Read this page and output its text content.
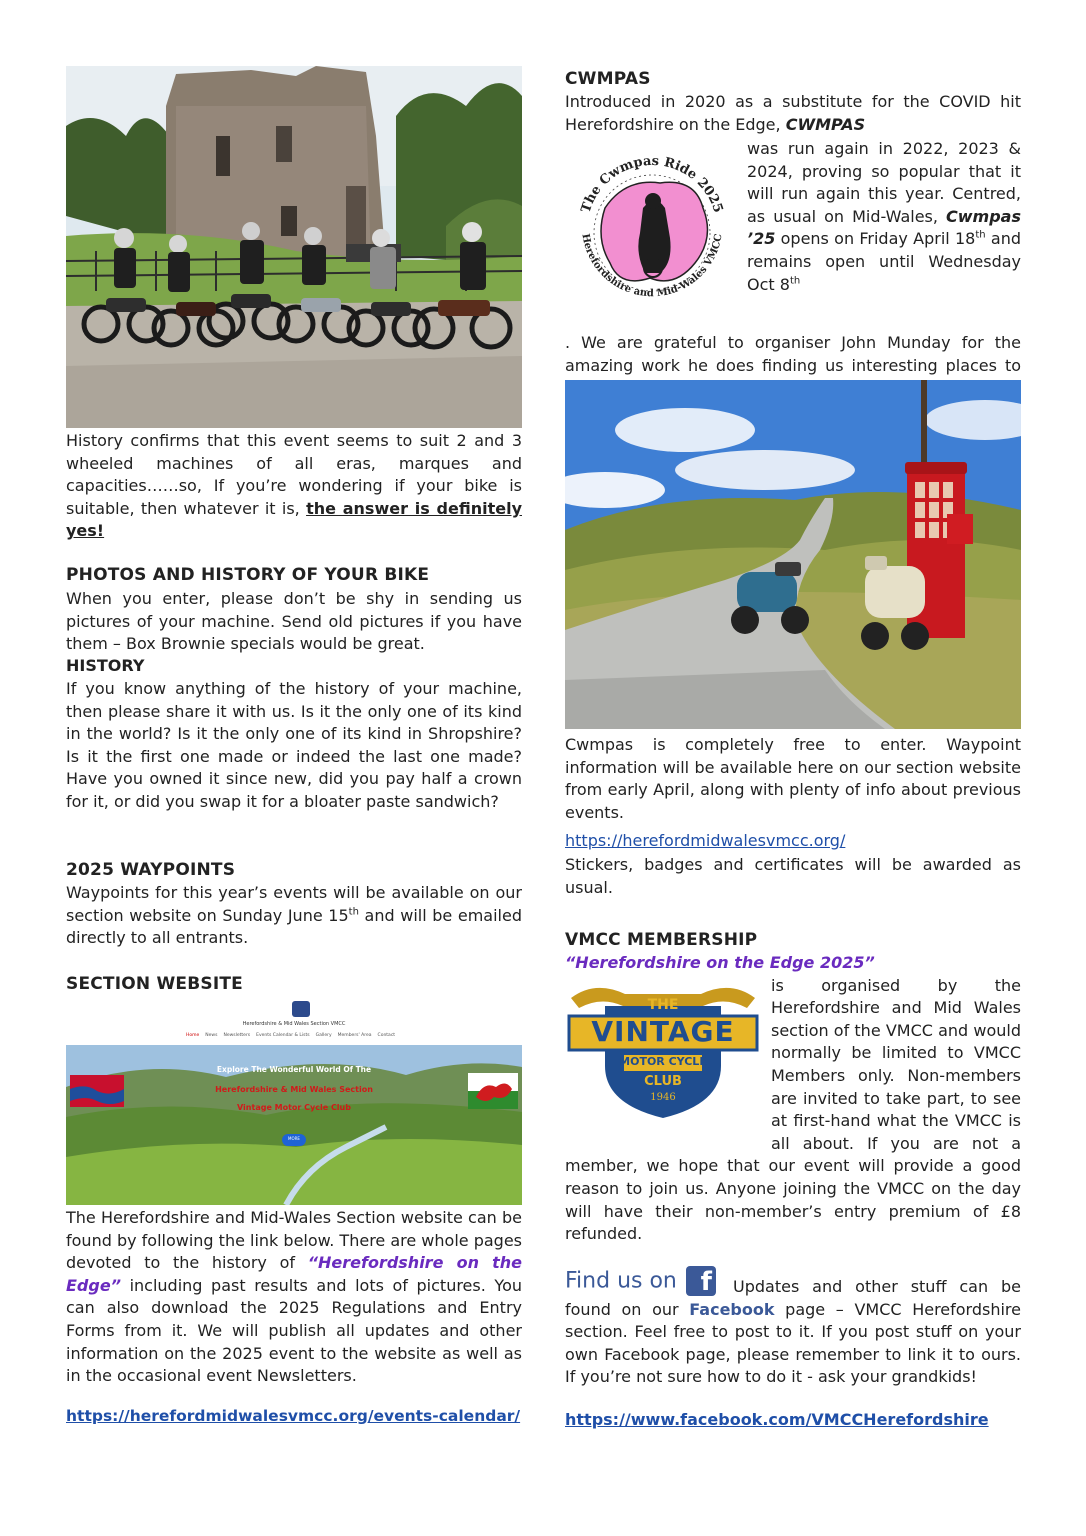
History confirms that this event seems to suit 2 and 3 wheeled machines of all eras, marques and capacities……so, If you’re wondering if your bike is suitable, then whatever it is, the answer is definitely yes!

PHOTOS AND HISTORY OF YOUR BIKE

When you enter, please don’t be shy in sending us pictures of your machine. Send old pictures if you have them – Box Brownie specials would be great.

HISTORY

If you know anything of the history of your machine, then please share it with us. Is it the only one of its kind in the world? Is it the only one of its kind in Shropshire? Is it the first one made or indeed the last one made? Have you owned it since new, did you pay half a crown for it, or did you swap it for a bloater paste sandwich?

2025 WAYPOINTS

Waypoints for this year’s events will be available on our section website on Sunday June 15th and will be emailed directly to all entrants.

SECTION WEBSITE
Herefordshire & Mid Wales Section VMCC
Home News Newsletters Events Calendar & Lists Gallery Members' Area Contact
Explore The Wonderful World Of The
Herefordshire & Mid Wales Section
Vintage Motor Cycle Club
MORE

The Herefordshire and Mid-Wales Section website can be found by following the link below. There are whole pages devoted to the history of “Herefordshire on the Edge” including past results and lots of pictures. You can also download the 2025 Regulations and Entry Forms from it. We will publish all updates and other information on the 2025 event to the website as well as in the occasional event Newsletters.

https://herefordmidwalesvmcc.org/events-calendar/
CWMPAS

Introduced in 2020 as a substitute for the COVID hit Herefordshire on the Edge, CWMPAS

The Cwmpas Ride 2025
Herefordshire and Mid-Wales VMCC

was run again in 2022, 2023 & 2024, proving so popular that it will run again this year. Centred, as usual on Mid-Wales, Cwmpas ’25 opens on Friday April 18th and remains open until Wednesday Oct 8th

. We are grateful to organiser John Munday for the amazing work he does finding us interesting places to

Cwmpas is completely free to enter. Waypoint information will be available here on our section website from early April, along with plenty of info about previous events.

https://herefordmidwalesvmcc.org/

Stickers, badges and certificates will be awarded as usual.

VMCC MEMBERSHIP
“Herefordshire on the Edge 2025”
THE
VINTAGE
MOTOR CYCLE
CLUB
1946

is organised by the Herefordshire and Mid Wales section of the VMCC and would normally be limited to VMCC Members only. Non-members are invited to take part, to see at first-hand what the VMCC is all about. If you are not a member, we hope that our event will provide a good reason to join us. Anyone joining the VMCC on the day will have their non-member’s entry premium of £8 refunded.

Find us on f	Updates and other stuff can be found on our Facebook page – VMCC Herefordshire section. Feel free to post to it. If you post stuff on your own Facebook page, please remember to link it to ours. If you’re not sure how to do it - ask your grandkids!

https://www.facebook.com/VMCCHerefordshire
